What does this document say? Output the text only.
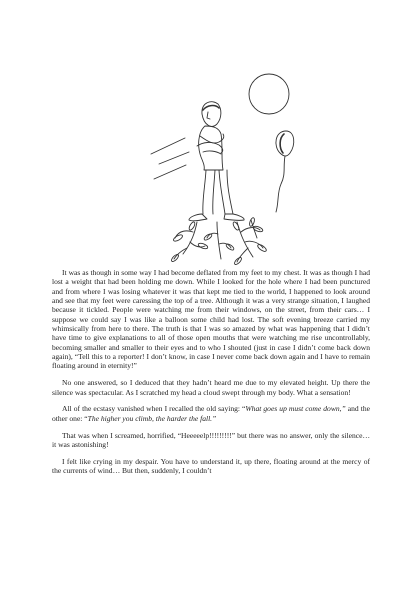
It was as though in some way I had become deflated from my feet to my chest. It was as though I had lost a weight that had been holding me down. While I looked for the hole where I had been punctured and from where I was losing whatever it was that kept me tied to the world, I happened to look around and see that my feet were caressing the top of a tree. Although it was a very strange situation, I laughed because it tickled. People were watching me from their windows, on the street, from their cars… I suppose we could say I was like a balloon some child had lost. The soft evening breeze carried my whimsically from here to there. The truth is that I was so amazed by what was happening that I didn’t have time to give explanations to all of those open mouths that were watching me rise uncontrollably, becoming smaller and smaller to their eyes and to who I shouted (just in case I didn’t come back down again), “Tell this to a reporter! I don’t know, in case I never come back down again and I have to remain floating around in eternity!”

No one answered, so I deduced that they hadn’t heard me due to my elevated height. Up there the silence was spectacular. As I scratched my head a cloud swept through my body. What a sensation!

All of the ecstasy vanished when I recalled the old saying: “What goes up must come down,” and the other one: “The higher you climb, the harder the fall.”

That was when I screamed, horrified, “Heeeeelp!!!!!!!!!” but there was no answer, only the silence… it was astonishing!

I felt like crying in my despair. You have to understand it, up there, floating around at the mercy of the currents of wind… But then, suddenly, I couldn’t
